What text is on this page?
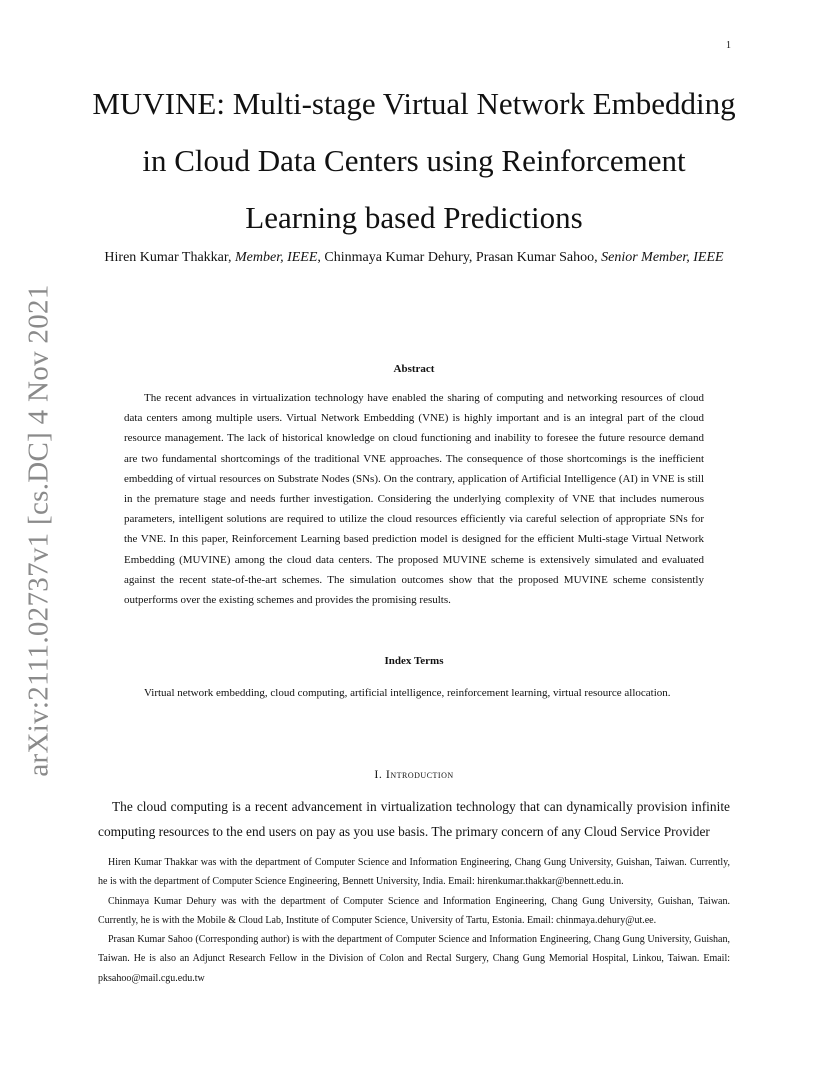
1
arXiv:2111.02737v1 [cs.DC] 4 Nov 2021
MUVINE: Multi-stage Virtual Network Embedding in Cloud Data Centers using Reinforcement Learning based Predictions
Hiren Kumar Thakkar, Member, IEEE, Chinmaya Kumar Dehury, Prasan Kumar Sahoo, Senior Member, IEEE
Abstract

The recent advances in virtualization technology have enabled the sharing of computing and networking resources of cloud data centers among multiple users. Virtual Network Embedding (VNE) is highly important and is an integral part of the cloud resource management. The lack of historical knowledge on cloud functioning and inability to foresee the future resource demand are two fundamental shortcomings of the traditional VNE approaches. The consequence of those shortcomings is the inefficient embedding of virtual resources on Substrate Nodes (SNs). On the contrary, application of Artificial Intelligence (AI) in VNE is still in the premature stage and needs further investigation. Considering the underlying complexity of VNE that includes numerous parameters, intelligent solutions are required to utilize the cloud resources efficiently via careful selection of appropriate SNs for the VNE. In this paper, Reinforcement Learning based prediction model is designed for the efficient Multi-stage Virtual Network Embedding (MUVINE) among the cloud data centers. The proposed MUVINE scheme is extensively simulated and evaluated against the recent state-of-the-art schemes. The simulation outcomes show that the proposed MUVINE scheme consistently outperforms over the existing schemes and provides the promising results.

Index Terms

Virtual network embedding, cloud computing, artificial intelligence, reinforcement learning, virtual resource allocation.

I. Introduction

The cloud computing is a recent advancement in virtualization technology that can dynamically provision infinite computing resources to the end users on pay as you use basis. The primary concern of any Cloud Service Provider

Hiren Kumar Thakkar was with the department of Computer Science and Information Engineering, Chang Gung University, Guishan, Taiwan. Currently, he is with the department of Computer Science Engineering, Bennett University, India. Email: hirenkumar.thakkar@bennett.edu.in.

Chinmaya Kumar Dehury was with the department of Computer Science and Information Engineering, Chang Gung University, Guishan, Taiwan. Currently, he is with the Mobile & Cloud Lab, Institute of Computer Science, University of Tartu, Estonia. Email: chinmaya.dehury@ut.ee.

Prasan Kumar Sahoo (Corresponding author) is with the department of Computer Science and Information Engineering, Chang Gung University, Guishan, Taiwan. He is also an Adjunct Research Fellow in the Division of Colon and Rectal Surgery, Chang Gung Memorial Hospital, Linkou, Taiwan. Email: pksahoo@mail.cgu.edu.tw
